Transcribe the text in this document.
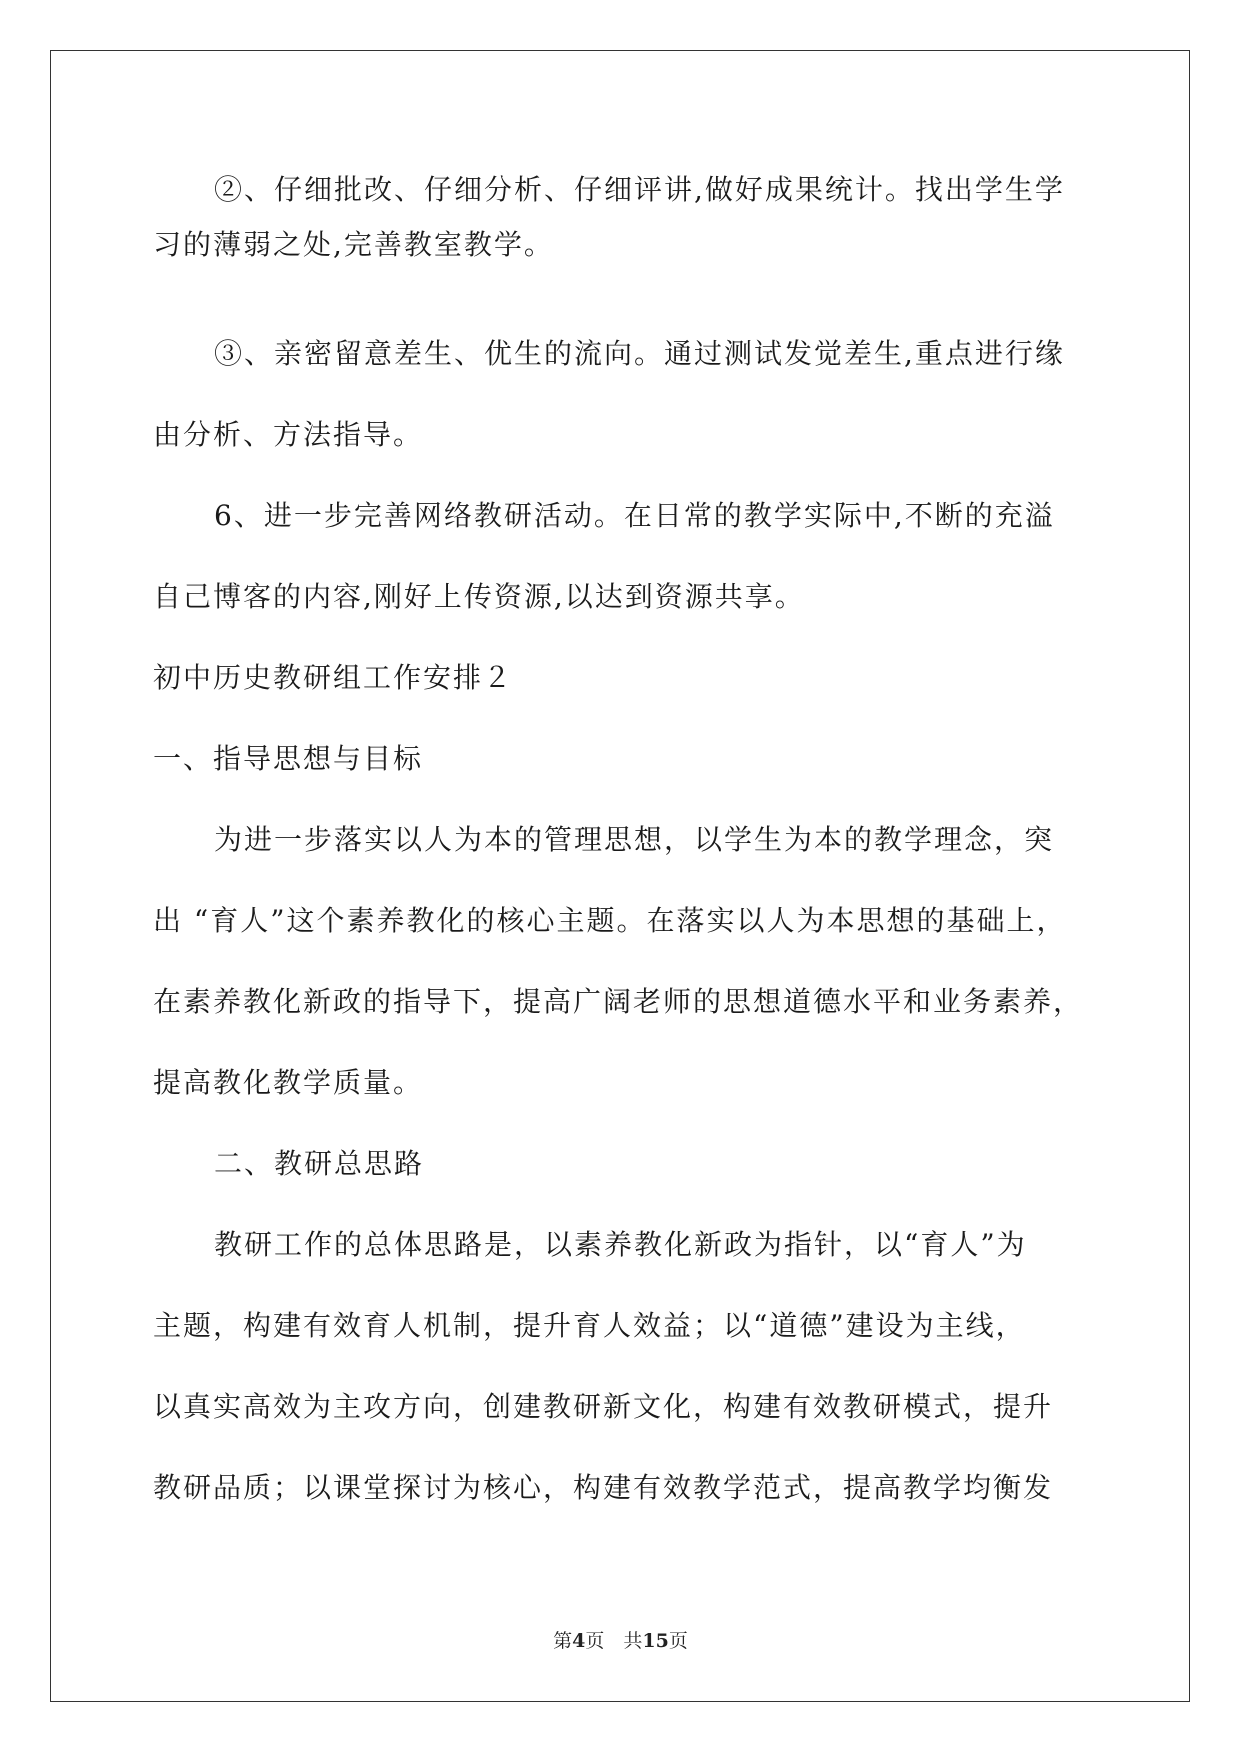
②、仔细批改、仔细分析、仔细评讲,做好成果统计。找出学生学
习的薄弱之处,完善教室教学。
③、亲密留意差生、优生的流向。通过测试发觉差生,重点进行缘
由分析、方法指导。
6、进一步完善网络教研活动。在日常的教学实际中,不断的充溢
自己博客的内容,刚好上传资源,以达到资源共享。
初中历史教研组工作安排２
一、指导思想与目标
为进一步落实以人为本的管理思想，以学生为本的教学理念，突
出 “育人”这个素养教化的核心主题。在落实以人为本思想的基础上，
在素养教化新政的指导下，提高广阔老师的思想道德水平和业务素养，
提高教化教学质量。
二、教研总思路
教研工作的总体思路是，以素养教化新政为指针，以“育人”为
主题，构建有效育人机制，提升育人效益；以“道德”建设为主线，
以真实高效为主攻方向，创建教研新文化，构建有效教研模式，提升
教研品质；以课堂探讨为核心，构建有效教学范式，提高教学均衡发
第4页　共15页
